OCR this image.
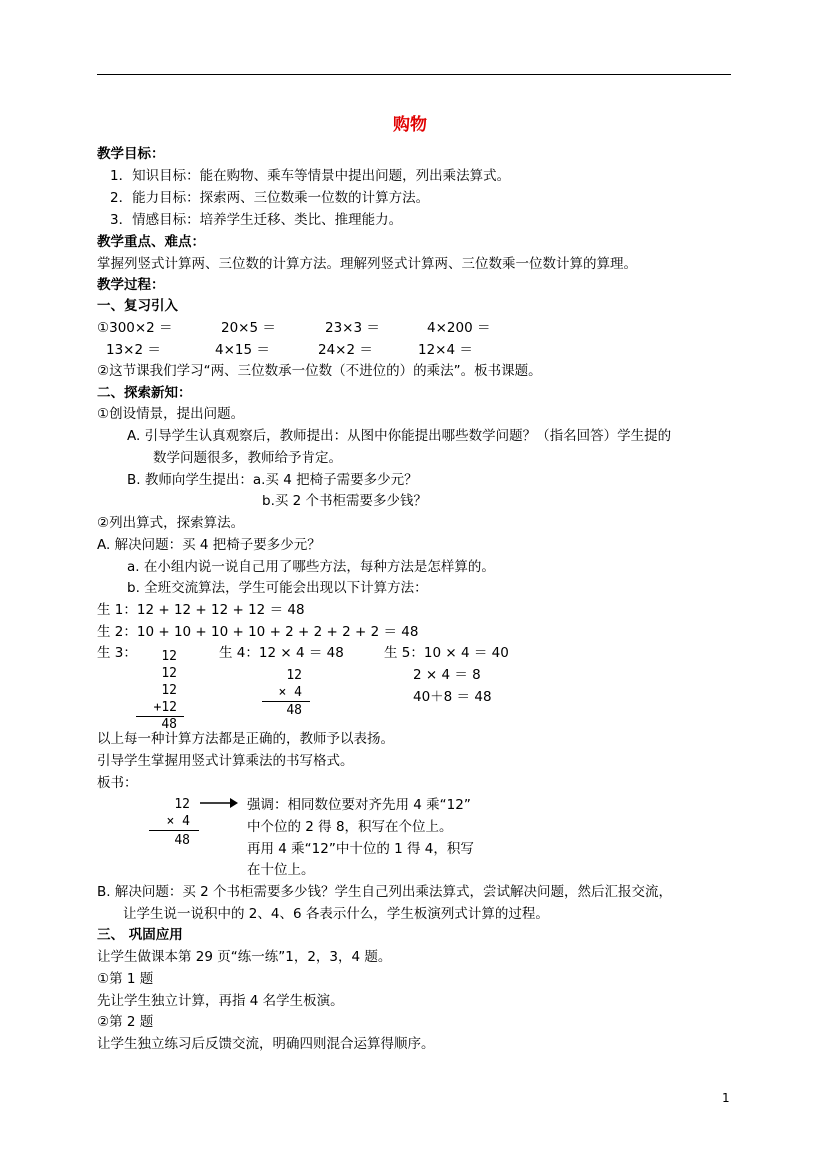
购物
教学目标：
1．知识目标：能在购物、乘车等情景中提出问题，列出乘法算式。
2．能力目标：探索两、三位数乘一位数的计算方法。
3．情感目标：培养学生迁移、类比、推理能力。
教学重点、难点：
掌握列竖式计算两、三位数的计算方法。理解列竖式计算两、三位数乘一位数计算的算理。
教学过程：
一、复习引入
①300×2 ＝	20×5 ＝	23×3 ＝	4×200 ＝
13×2 ＝	4×15 ＝	24×2 ＝	12×4 ＝
②这节课我们学习“两、三位数承一位数（不进位的）的乘法”。板书课题。
二、探索新知：
①创设情景，提出问题。
A. 引导学生认真观察后，教师提出：从图中你能提出哪些数学问题？（指名回答）学生提的
数学问题很多，教师给予肯定。
B. 教师向学生提出：a.买 4 把椅子需要多少元？
b.买 2 个书柜需要多少钱？
②列出算式，探索算法。
A. 解决问题：买 4 把椅子要多少元？
a. 在小组内说一说自己用了哪些方法，每种方法是怎样算的。
b. 全班交流算法，学生可能会出现以下计算方法：
生 1：12 + 12 + 12 + 12 ＝ 48
生 2：10 + 10 + 10 + 10 + 2 + 2 + 2 + 2 ＝ 48
生 3：	12
12
12
+12
48
生 4：12 × 4 ＝ 48
12
× 4
48
生 5：10 × 4 ＝ 40
2 × 4 ＝ 8
40＋8 ＝ 48
以上每一种计算方法都是正确的，教师予以表扬。
引导学生掌握用竖式计算乘法的书写格式。
板书：
12
× 4
48
强调：相同数位要对齐先用 4 乘“12”
中个位的 2 得 8，积写在个位上。
再用 4 乘“12”中十位的 1 得 4，积写
在十位上。
B. 解决问题：买 2 个书柜需要多少钱？学生自己列出乘法算式，尝试解决问题，然后汇报交流，
让学生说一说积中的 2、4、6 各表示什么，学生板演列式计算的过程。
三、 巩固应用
让学生做课本第 29 页“练一练”1，2，3，4 题。
①第 1 题
先让学生独立计算，再指 4 名学生板演。
②第 2 题
让学生独立练习后反馈交流，明确四则混合运算得顺序。
1
